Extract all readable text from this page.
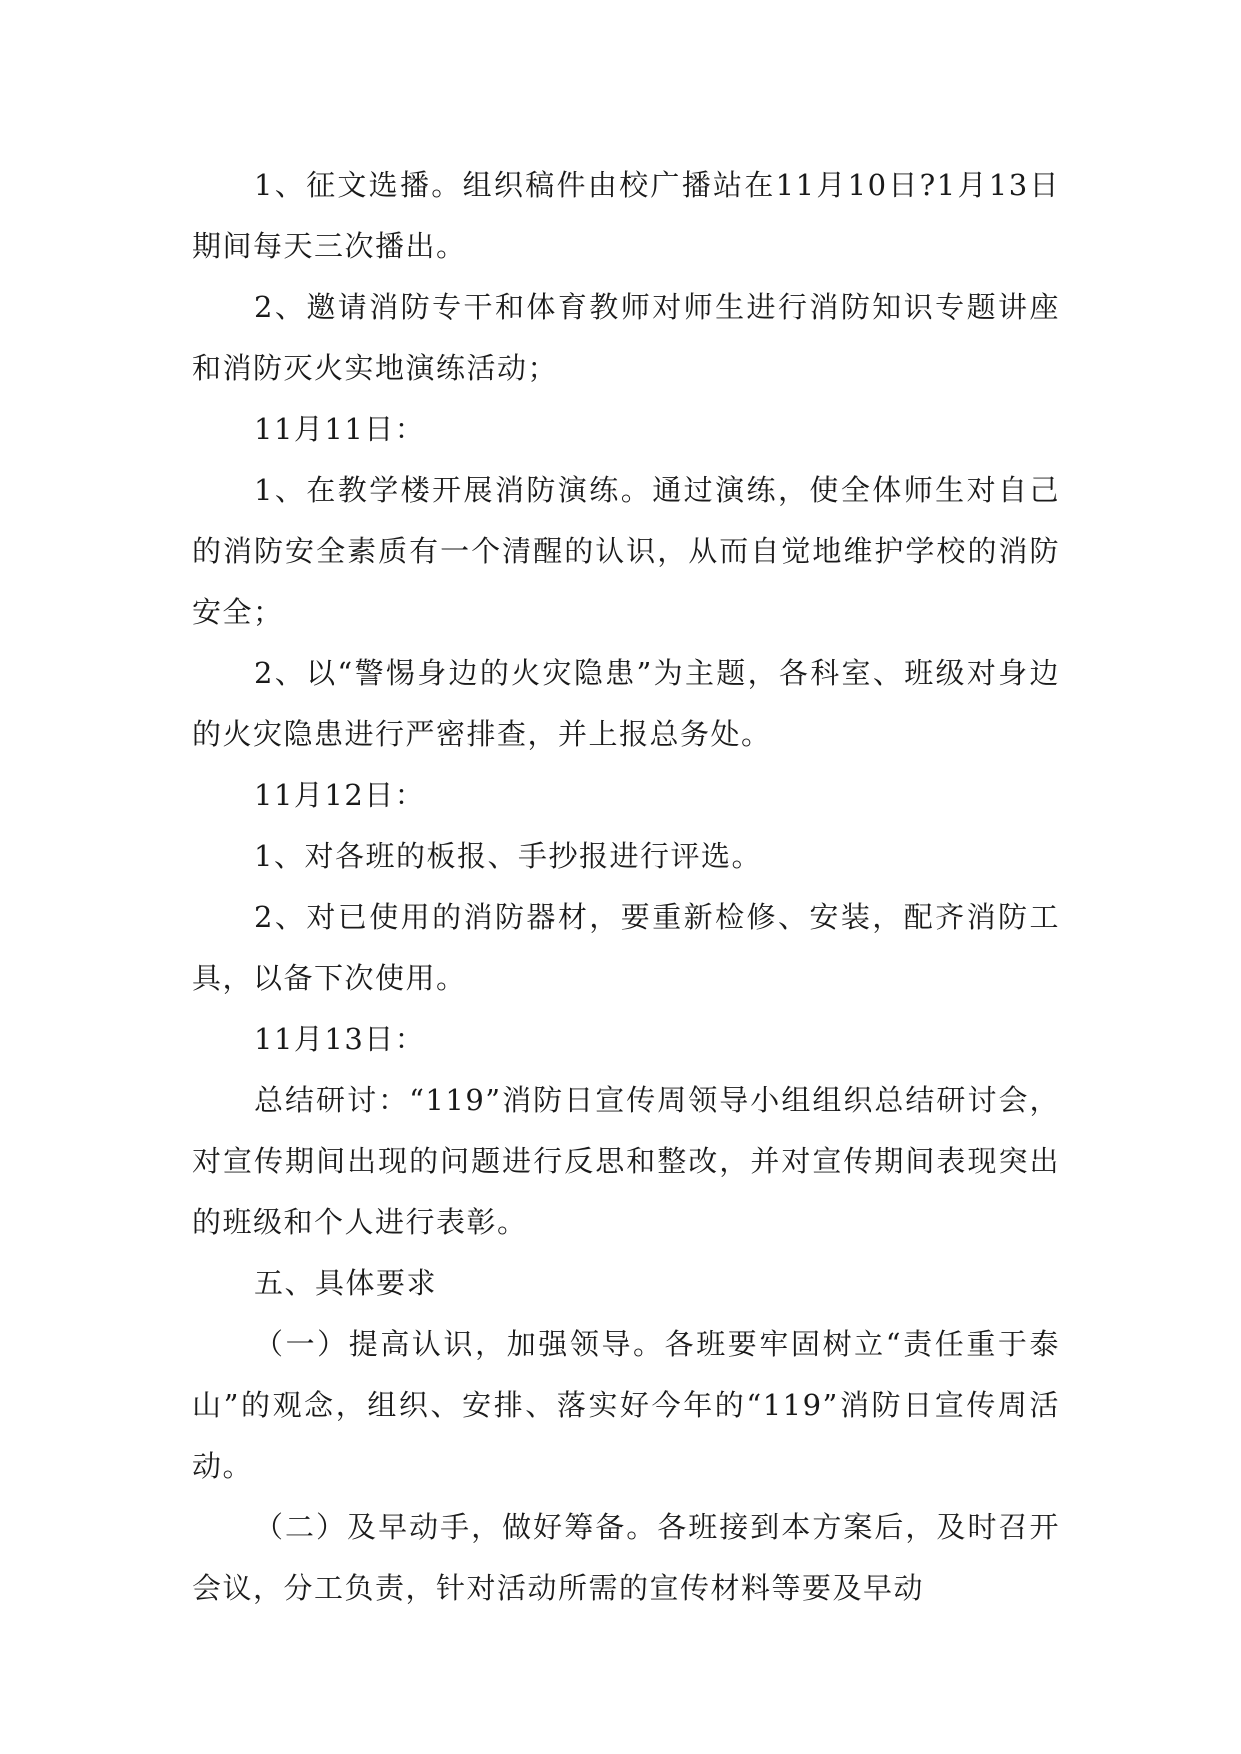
1、征文选播。组织稿件由校广播站在11月10日?1月13日期间每天三次播出。

2、邀请消防专干和体育教师对师生进行消防知识专题讲座和消防灭火实地演练活动；

11月11日：

1、在教学楼开展消防演练。通过演练，使全体师生对自己的消防安全素质有一个清醒的认识，从而自觉地维护学校的消防安全；

2、以“警惕身边的火灾隐患”为主题，各科室、班级对身边的火灾隐患进行严密排查，并上报总务处。

11月12日：

1、对各班的板报、手抄报进行评选。

2、对已使用的消防器材，要重新检修、安装，配齐消防工具，以备下次使用。

11月13日：

总结研讨：“119”消防日宣传周领导小组组织总结研讨会，对宣传期间出现的问题进行反思和整改，并对宣传期间表现突出的班级和个人进行表彰。

五、具体要求

（一）提高认识，加强领导。各班要牢固树立“责任重于泰山”的观念，组织、安排、落实好今年的“119”消防日宣传周活动。

（二）及早动手，做好筹备。各班接到本方案后，及时召开会议，分工负责，针对活动所需的宣传材料等要及早动
